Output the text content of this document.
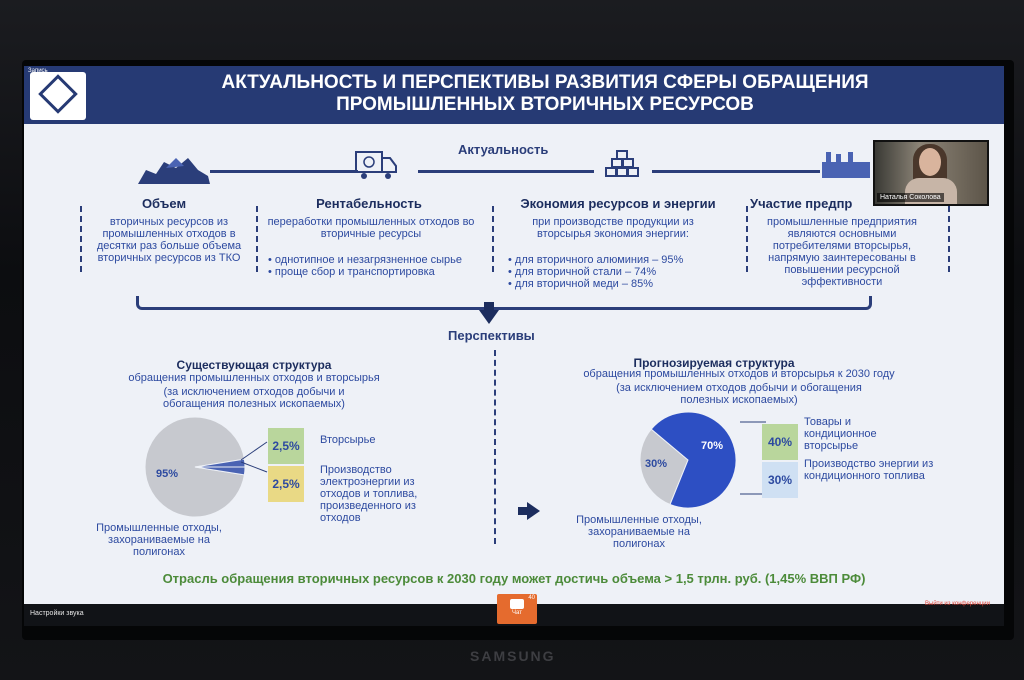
Запись
АКТУАЛЬНОСТЬ И ПЕРСПЕКТИВЫ РАЗВИТИЯ СФЕРЫ ОБРАЩЕНИЯ
ПРОМЫШЛЕННЫХ ВТОРИЧНЫХ РЕСУРСОВ
Актуальность
Объем
вторичных ресурсов из промышленных отходов в десятки раз больше объема вторичных ресурсов из ТКО
Рентабельность
переработки промышленных отходов во вторичные ресурсы
• однотипное и незагрязненное сырье
• проще сбор и транспортировка
Экономия ресурсов и энергии
при производстве продукции из вторсырья экономия энергии:
• для вторичного алюминия – 95%
• для вторичной стали – 74%
• для вторичной меди – 85%
Участие предпр
промышленные предприятия являются основными потребителями вторсырья, напрямую заинтересованы в повышении ресурсной эффективности
Перспективы
Существующая структура
обращения промышленных отходов и вторсырья
(за исключением отходов добычи и обогащения полезных ископаемых)
95%
Промышленные отходы, захораниваемые на полигонах
2,5%
2,5%
Вторсырье
Производство электроэнергии из отходов и топлива, произведенного из отходов
Прогнозируемая структура
обращения промышленных отходов и вторсырья к 2030 году
(за исключением отходов добычи и обогащения полезных ископаемых)
70%
30%
Промышленные отходы, захораниваемые на полигонах
40%
30%
Товары и кондиционное вторсырье
Производство энергии из кондиционного топлива
Отрасль обращения вторичных ресурсов к 2030 году может достичь объема > 1,5 трлн. руб. (1,45% ВВП РФ)
Наталья Соколова
Настройки звука	Чат
40
Выйти из конференции
SAMSUNG
